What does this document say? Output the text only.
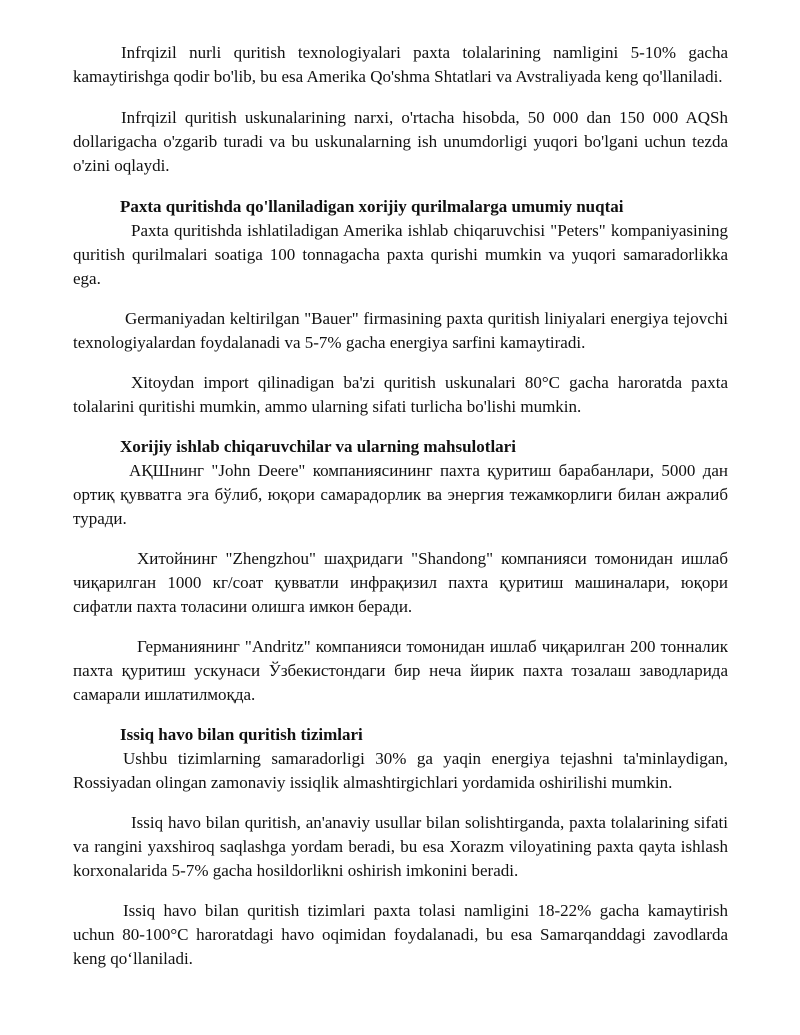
Infrqizil nurli quritish texnologiyalari paxta tolalarining namligini 5-10% gacha kamaytirishga qodir bo'lib, bu esa Amerika Qo'shma Shtatlari va Avstraliyada keng qo'llaniladi.

Infrqizil quritish uskunalarining narxi, o'rtacha hisobda, 50 000 dan 150 000 AQSh dollarigacha o'zgarib turadi va bu uskunalarning ish unumdorligi yuqori bo'lgani uchun tezda o'zini oqlaydi.

Paxta quritishda qo'llaniladigan xorijiy qurilmalarga umumiy nuqtai

Paxta quritishda ishlatiladigan Amerika ishlab chiqaruvchisi "Peters" kompaniyasining quritish qurilmalari soatiga 100 tonnagacha paxta qurishi mumkin va yuqori samaradorlikka ega.

Germaniyadan keltirilgan "Bauer" firmasining paxta quritish liniyalari energiya tejovchi texnologiyalardan foydalanadi va 5-7% gacha energiya sarfini kamaytiradi.

Xitoydan import qilinadigan ba'zi quritish uskunalari 80°C gacha haroratda paxta tolalarini quritishi mumkin, ammo ularning sifati turlicha bo'lishi mumkin.

Xorijiy ishlab chiqaruvchilar va ularning mahsulotlari

АҚШнинг "John Deere" компаниясининг пахта қуритиш барабанлари, 5000 дан ортиқ қувватга эга бўлиб, юқори самарадорлик ва энергия тежамкорлиги билан ажралиб туради.

Хитойнинг "Zhengzhou" шаҳридаги "Shandong" компанияси томонидан ишлаб чиқарилган 1000 кг/соат қувватли инфрақизил пахта қуритиш машиналари, юқори сифатли пахта толасини олишга имкон беради.

Германиянинг "Andritz" компанияси томонидан ишлаб чиқарилган 200 тонналик пахта қуритиш ускунаси Ўзбекистондаги бир неча йирик пахта тозалаш заводларида самарали ишлатилмоқда.

Issiq havo bilan quritish tizimlari

Ushbu tizimlarning samaradorligi 30% ga yaqin energiya tejashni ta'minlaydigan, Rossiyadan olingan zamonaviy issiqlik almashtirgichlari yordamida oshirilishi mumkin.

Issiq havo bilan quritish, an'anaviy usullar bilan solishtirganda, paxta tolalarining sifati va rangini yaxshiroq saqlashga yordam beradi, bu esa Xorazm viloyatining paxta qayta ishlash korxonalarida 5-7% gacha hosildorlikni oshirish imkonini beradi.

Issiq havo bilan quritish tizimlari paxta tolasi namligini 18-22% gacha kamaytirish uchun 80-100°C haroratdagi havo oqimidan foydalanadi, bu esa Samarqanddagi zavodlarda keng qo‘llaniladi.
